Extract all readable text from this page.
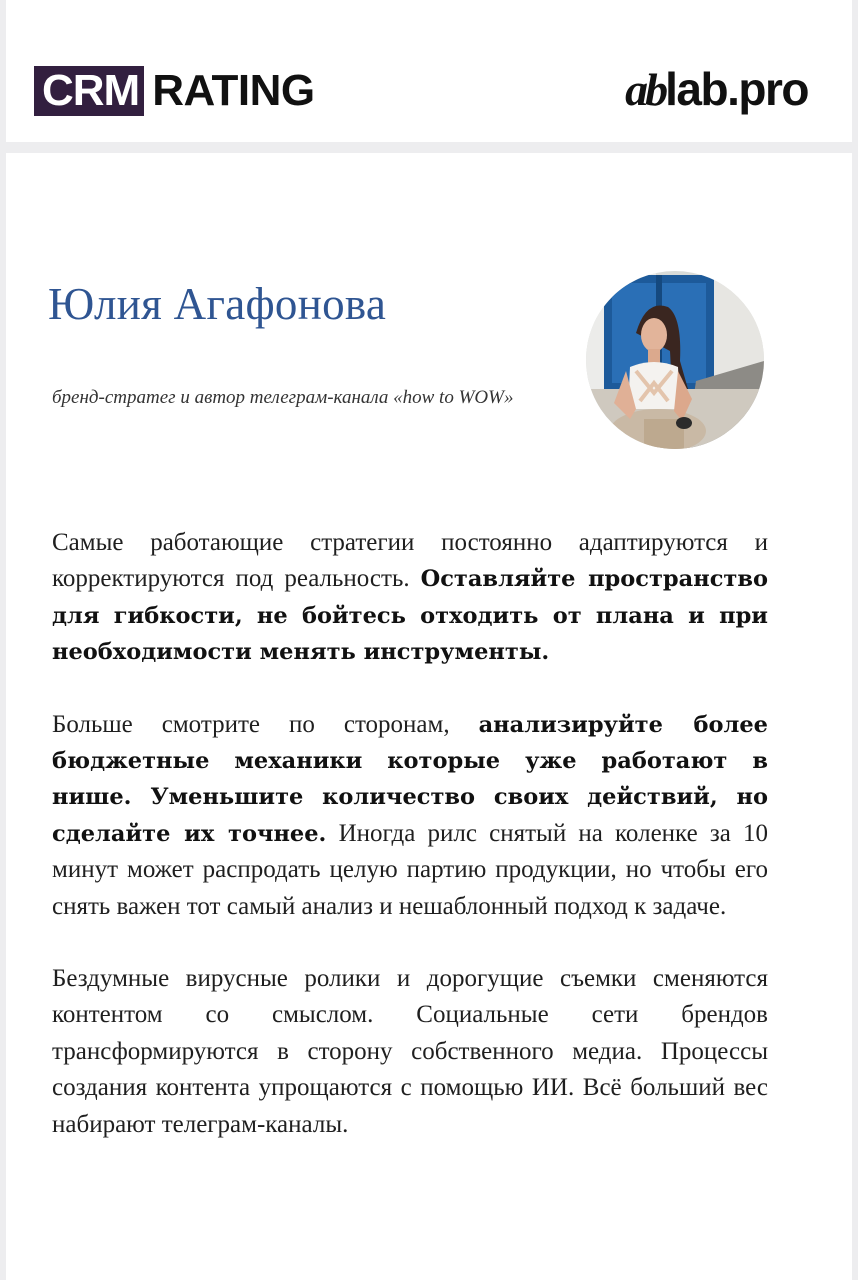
CRM RATING	ablab.pro
Юлия Агафонова

бренд-стратег и автор телеграм-канала «how to WOW»

Самые работающие стратегии постоянно адаптируются и корректируются под реальность. Оставляйте пространство для гибкости, не бойтесь отходить от плана и при необходимости менять инструменты.

Больше смотрите по сторонам, анализируйте более бюджетные механики которые уже работают в нише. Уменьшите количество своих действий, но сделайте их точнее. Иногда рилс снятый на коленке за 10 минут может распродать целую партию продукции, но чтобы его снять важен тот самый анализ и нешаблонный подход к задаче.

Бездумные вирусные ролики и дорогущие съемки сменяются контентом со смыслом. Социальные сети брендов трансформируются в сторону собственного медиа. Процессы создания контента упрощаются с помощью ИИ. Всё больший вес набирают телеграм-каналы.
